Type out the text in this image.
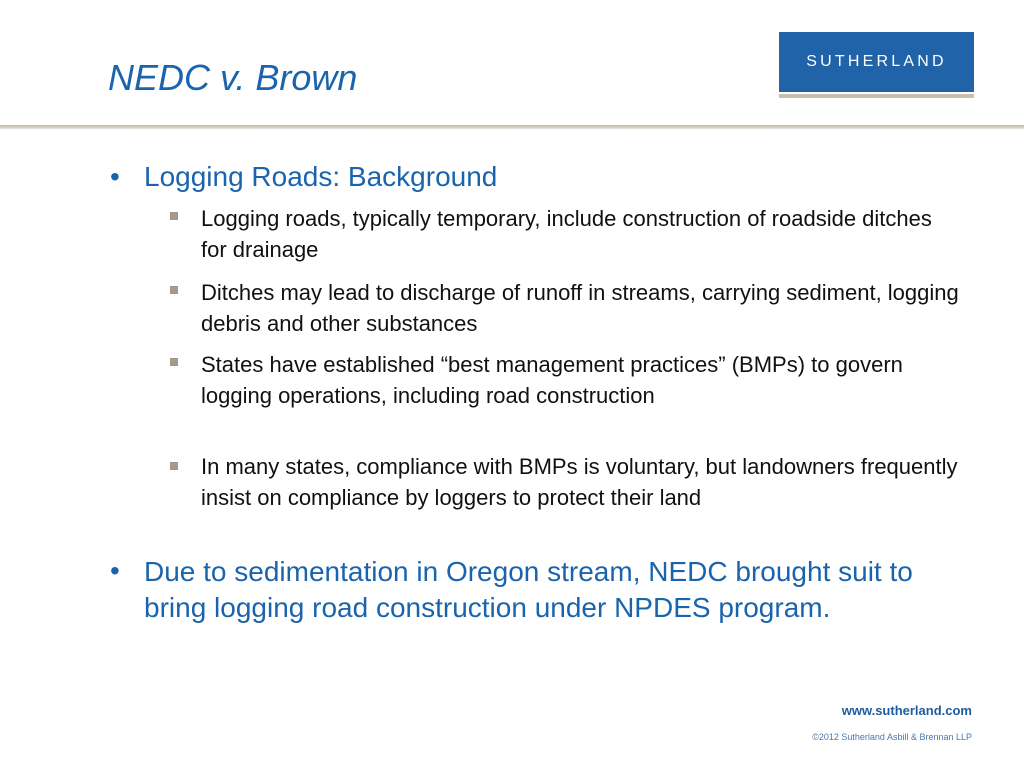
NEDC v. Brown	SUTHERLAND
• Logging Roads: Background
Logging roads, typically temporary, include construction of roadside ditches for drainage
Ditches may lead to discharge of runoff in streams, carrying sediment, logging debris and other substances
States have established “best management practices” (BMPs) to govern logging operations, including road construction
In many states, compliance with BMPs is voluntary, but landowners frequently insist on compliance by loggers to protect their land
• Due to sedimentation in Oregon stream, NEDC brought suit to bring logging road construction under NPDES program.
www.sutherland.com
©2012 Sutherland Asbill & Brennan LLP
